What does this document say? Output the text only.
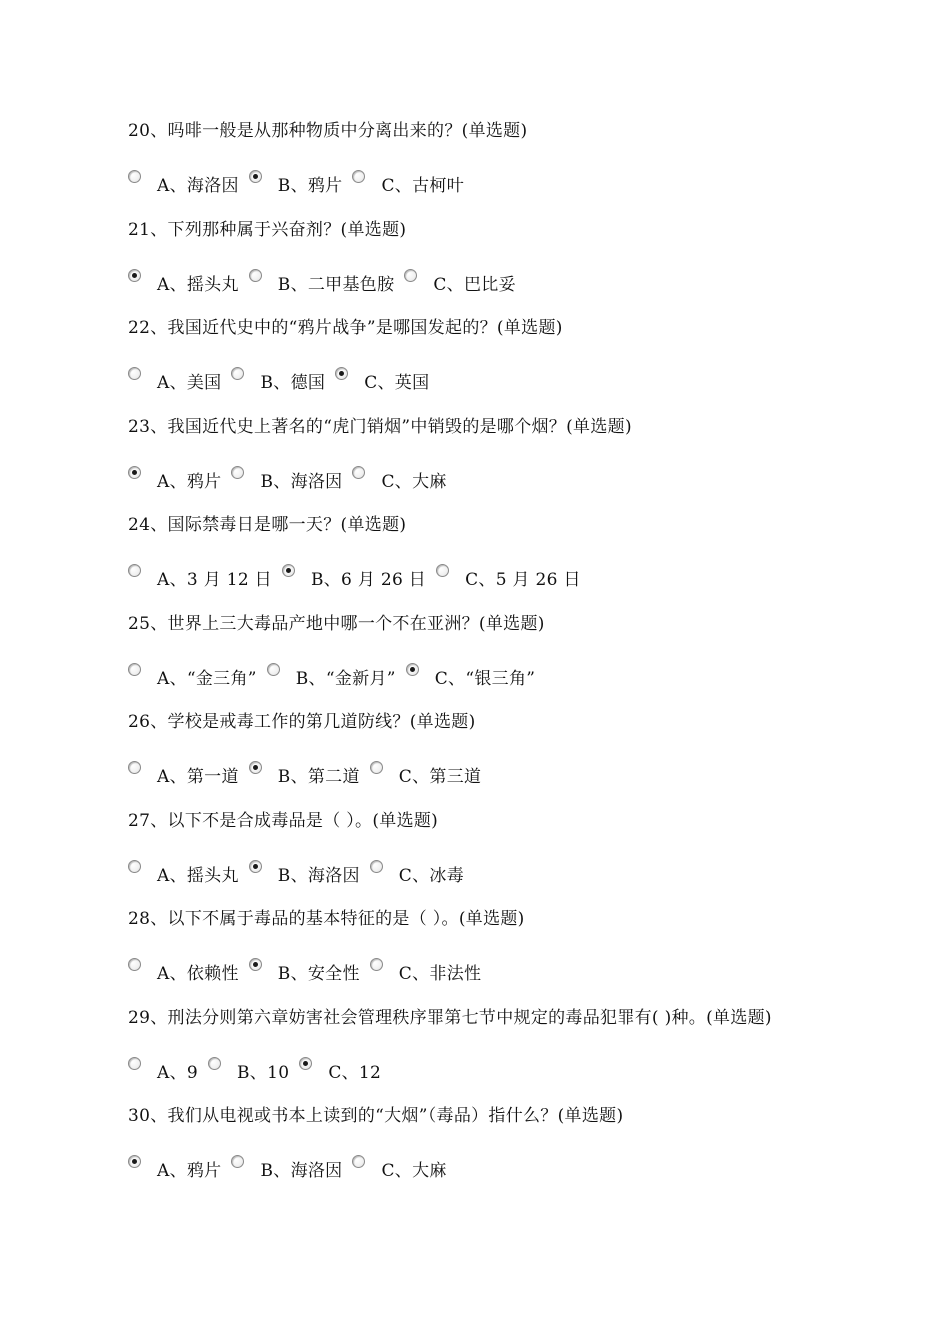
20、吗啡一般是从那种物质中分离出来的？(单选题)
A、海洛因 B、鸦片 C、古柯叶
21、下列那种属于兴奋剂？(单选题)
A、摇头丸 B、二甲基色胺 C、巴比妥
22、我国近代史中的“鸦片战争”是哪国发起的？(单选题)
A、美国 B、德国 C、英国
23、我国近代史上著名的“虎门销烟”中销毁的是哪个烟？(单选题)
A、鸦片 B、海洛因 C、大麻
24、国际禁毒日是哪一天？(单选题)
A、3 月 12 日 B、6 月 26 日 C、5 月 26 日
25、世界上三大毒品产地中哪一个不在亚洲？(单选题)
A、“金三角” B、“金新月” C、“银三角”
26、学校是戒毒工作的第几道防线？(单选题)
A、第一道 B、第二道 C、第三道
27、以下不是合成毒品是（ ）。(单选题)
A、摇头丸 B、海洛因 C、冰毒
28、以下不属于毒品的基本特征的是（ ）。(单选题)
A、依赖性 B、安全性 C、非法性
29、刑法分则第六章妨害社会管理秩序罪第七节中规定的毒品犯罪有( )种。(单选题)
A、9 B、10 C、12
30、我们从电视或书本上读到的“大烟”（毒品）指什么？(单选题)
A、鸦片 B、海洛因 C、大麻
